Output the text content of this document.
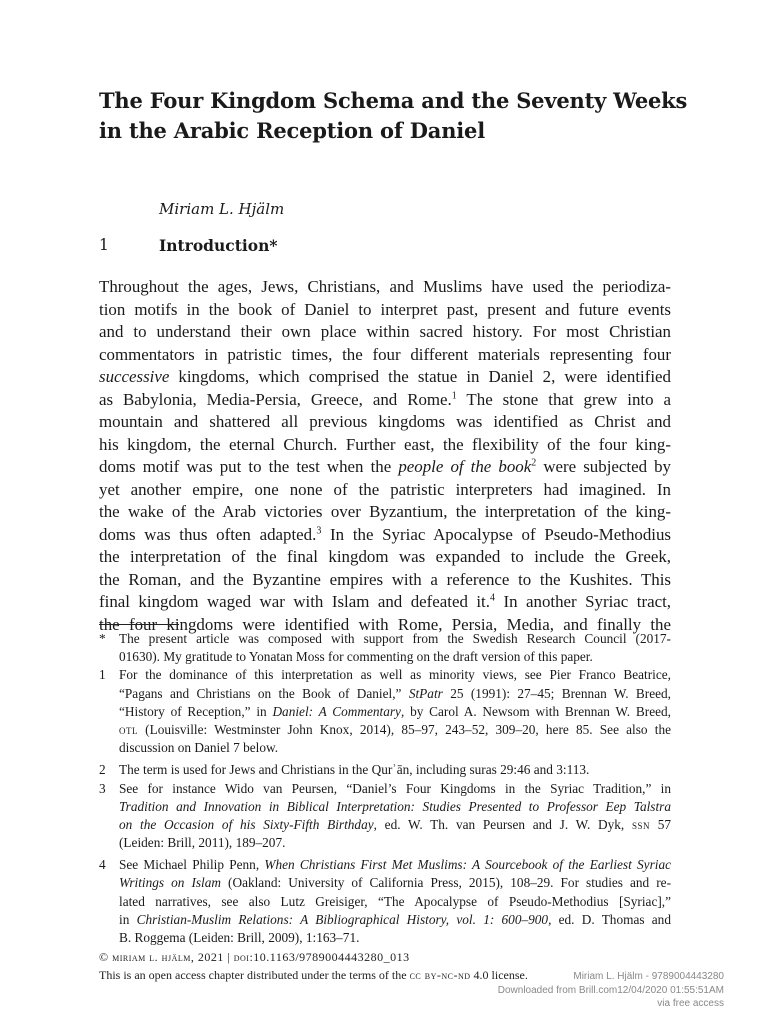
The Four Kingdom Schema and the Seventy Weeks
in the Arabic Reception of Daniel
Miriam L. Hjälm
1	Introduction*
Throughout the ages, Jews, Christians, and Muslims have used the periodiza-
tion motifs in the book of Daniel to interpret past, present and future events
and to understand their own place within sacred history. For most Christian
commentators in patristic times, the four different materials representing four
successive kingdoms, which comprised the statue in Daniel 2, were identified
as Babylonia, Media-Persia, Greece, and Rome.$^1$ The stone that grew into a
mountain and shattered all previous kingdoms was identified as Christ and
his kingdom, the eternal Church. Further east, the flexibility of the four king-
doms motif was put to the test when the people of the book$^2$ were subjected by
yet another empire, one none of the patristic interpreters had imagined. In
the wake of the Arab victories over Byzantium, the interpretation of the king-
doms was thus often adapted.$^3$ In the Syriac Apocalypse of Pseudo-Methodius
the interpretation of the final kingdom was expanded to include the Greek,
the Roman, and the Byzantine empires with a reference to the Kushites. This
final kingdom waged war with Islam and defeated it.$^4$ In another Syriac tract,
the four kingdoms were identified with Rome, Persia, Media, and finally the
* The present article was composed with support from the Swedish Research Council (2017-
01630). My gratitude to Yonatan Moss for commenting on the draft version of this paper.
1 For the dominance of this interpretation as well as minority views, see Pier Franco Beatrice,
“Pagans and Christians on the Book of Daniel,” StPatr 25 (1991): 27–45; Brennan W. Breed,
“History of Reception,” in Daniel: A Commentary, by Carol A. Newsom with Brennan W. Breed,
otl (Louisville: Westminster John Knox, 2014), 85–97, 243–52, 309–20, here 85. See also the
discussion on Daniel 7 below.
2 The term is used for Jews and Christians in the Qurʾān, including suras 29:46 and 3:113.
3 See for instance Wido van Peursen, “Daniel’s Four Kingdoms in the Syriac Tradition,” in
Tradition and Innovation in Biblical Interpretation: Studies Presented to Professor Eep Talstra
on the Occasion of his Sixty-Fifth Birthday, ed. W. Th. van Peursen and J. W. Dyk, ssn 57
(Leiden: Brill, 2011), 189–207.
4 See Michael Philip Penn, When Christians First Met Muslims: A Sourcebook of the Earliest Syriac
Writings on Islam (Oakland: University of California Press, 2015), 108–29. For studies and re-
lated narratives, see also Lutz Greisiger, “The Apocalypse of Pseudo-Methodius [Syriac],”
in Christian-Muslim Relations: A Bibliographical History, vol. 1: 600–900, ed. D. Thomas and
B. Roggema (Leiden: Brill, 2009), 1:163–71.
© miriam l. hjälm, 2021 | doi:10.1163/9789004443280_013
This is an open access chapter distributed under the terms of the cc by-nc-nd 4.0 license.	Miriam L. Hjälm - 9789004443280
Downloaded from Brill.com12/04/2020 01:55:51AM
via free access
